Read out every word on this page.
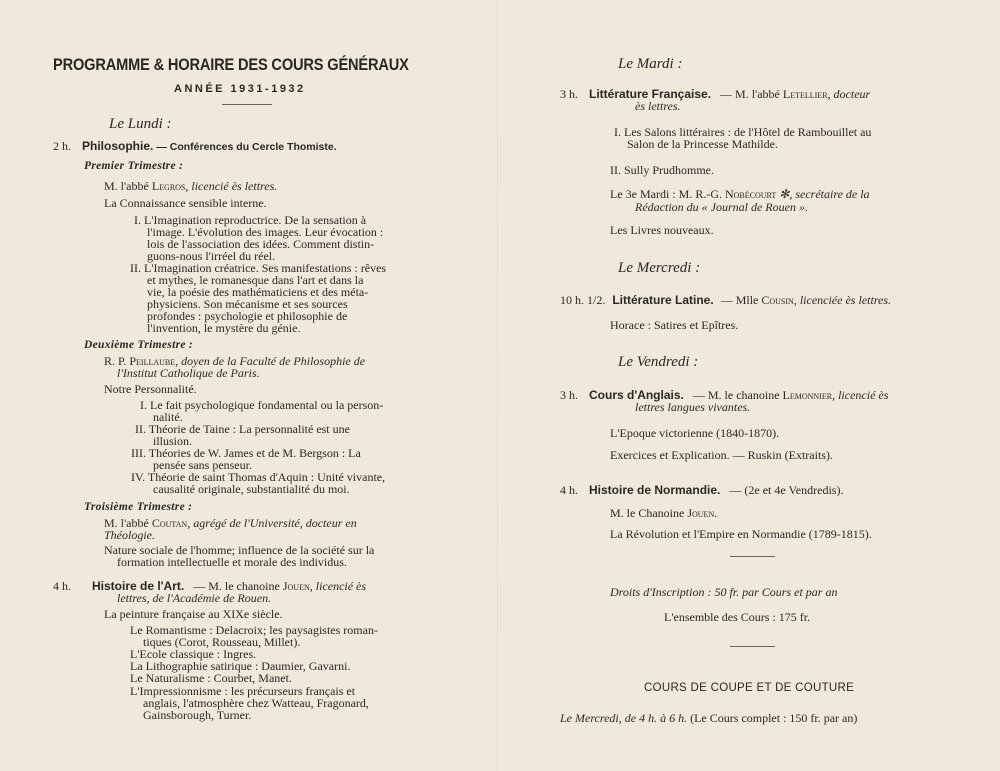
PROGRAMME & HORAIRE DES COURS GÉNÉRAUX
ANNÉE 1931-1932
Le Lundi :
2 h. Philosophie. — Conférences du Cercle Thomiste.
Premier Trimestre :
M. l'abbé Legros, licencié ès lettres.
La Connaissance sensible interne.
I. L'Imagination reproductrice. De la sensation à
l'image. L'évolution des images. Leur évocation :
lois de l'association des idées. Comment distin-
guons-nous l'irréel du réel.
II. L'Imagination créatrice. Ses manifestations : rêves
et mythes, le romanesque dans l'art et dans la
vie, la poésie des mathématiciens et des méta-
physiciens. Son mécanisme et ses sources
profondes : psychologie et philosophie de
l'invention, le mystère du génie.
Deuxième Trimestre :
R. P. Peillaube, doyen de la Faculté de Philosophie de
l'Institut Catholique de Paris.
Notre Personnalité.
I. Le fait psychologique fondamental ou la person-
nalité.
II. Théorie de Taine : La personnalité est une
illusion.
III. Théories de W. James et de M. Bergson : La
pensée sans penseur.
IV. Théorie de saint Thomas d'Aquin : Unité vivante,
causalité originale, substantialité du moi.
Troisième Trimestre :
M. l'abbé Coutan, agrégé de l'Université, docteur en
Théologie.
Nature sociale de l'homme; influence de la société sur la
formation intellectuelle et morale des individus.
4 h. Histoire de l'Art. — M. le chanoine Jouen, licencié ès
lettres, de l'Académie de Rouen.
La peinture française au XIXe siècle.
Le Romantisme : Delacroix; les paysagistes roman-
tiques (Corot, Rousseau, Millet).
L'Ecole classique : Ingres.
La Lithographie satirique : Daumier, Gavarni.
Le Naturalisme : Courbet, Manet.
L'Impressionnisme : les précurseurs français et
anglais, l'atmosphère chez Watteau, Fragonard,
Gainsborough, Turner.
Le Mardi :
3 h. Littérature Française. — M. l'abbé Letellier, docteur
ès lettres.
I. Les Salons littéraires : de l'Hôtel de Rambouillet au
Salon de la Princesse Mathilde.
II. Sully Prudhomme.
Le 3e Mardi : M. R.-G. Nobécourt ✻, secrétaire de la
Rédaction du « Journal de Rouen ».
Les Livres nouveaux.
Le Mercredi :
10 h. 1/2. Littérature Latine. — Mlle Cousin, licenciée ès lettres.
Horace : Satires et Epîtres.
Le Vendredi :
3 h. Cours d'Anglais. — M. le chanoine Lemonnier, licencié ès
lettres langues vivantes.
L'Epoque victorienne (1840-1870).
Exercices et Explication. — Ruskin (Extraits).
4 h. Histoire de Normandie. — (2e et 4e Vendredis).
M. le Chanoine Jouen.
La Révolution et l'Empire en Normandie (1789-1815).
Droits d'Inscription : 50 fr. par Cours et par an
L'ensemble des Cours : 175 fr.
COURS DE COUPE ET DE COUTURE
Le Mercredi, de 4 h. à 6 h. (Le Cours complet : 150 fr. par an)
